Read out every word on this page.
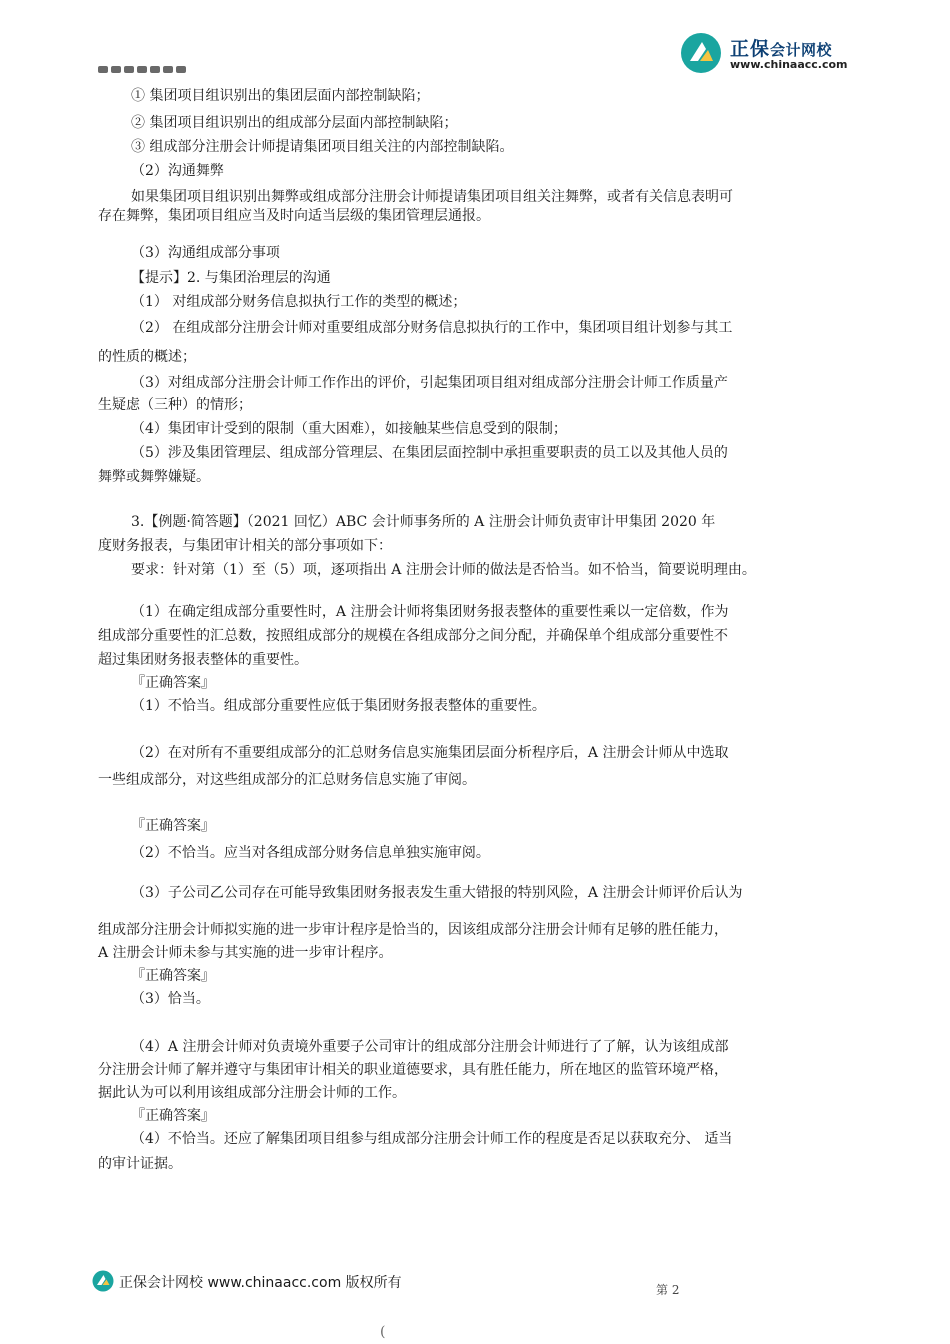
正保会计网校
www.chinaacc.com
① 集团项目组识别出的集团层面内部控制缺陷；
② 集团项目组识别出的组成部分层面内部控制缺陷；
③ 组成部分注册会计师提请集团项目组关注的内部控制缺陷。
（2）沟通舞弊
如果集团项目组识别出舞弊或组成部分注册会计师提请集团项目组关注舞弊，或者有关信息表明可
存在舞弊，集团项目组应当及时向适当层级的集团管理层通报。
（3）沟通组成部分事项
【提示】2. 与集团治理层的沟通
（1） 对组成部分财务信息拟执行工作的类型的概述；
（2） 在组成部分注册会计师对重要组成部分财务信息拟执行的工作中，集团项目组计划参与其工
的性质的概述；
（3）对组成部分注册会计师工作作出的评价，引起集团项目组对组成部分注册会计师工作质量产
生疑虑（三种）的情形；
（4）集团审计受到的限制（重大困难），如接触某些信息受到的限制；
（5）涉及集团管理层、组成部分管理层、在集团层面控制中承担重要职责的员工以及其他人员的
舞弊或舞弊嫌疑。
3.【例题·简答题】（2021 回忆）ABC 会计师事务所的 A 注册会计师负责审计甲集团 2020 年
度财务报表，与集团审计相关的部分事项如下：
要求：针对第（1）至（5）项，逐项指出 A 注册会计师的做法是否恰当。如不恰当，简要说明理由。
（1）在确定组成部分重要性时，A 注册会计师将集团财务报表整体的重要性乘以一定倍数，作为
组成部分重要性的汇总数，按照组成部分的规模在各组成部分之间分配，并确保单个组成部分重要性不
超过集团财务报表整体的重要性。
『正确答案』
（1）不恰当。组成部分重要性应低于集团财务报表整体的重要性。
（2）在对所有不重要组成部分的汇总财务信息实施集团层面分析程序后，A 注册会计师从中选取
一些组成部分，对这些组成部分的汇总财务信息实施了审阅。
『正确答案』
（2）不恰当。应当对各组成部分财务信息单独实施审阅。
（3）子公司乙公司存在可能导致集团财务报表发生重大错报的特别风险，A 注册会计师评价后认为
组成部分注册会计师拟实施的进一步审计程序是恰当的，因该组成部分注册会计师有足够的胜任能力，
A 注册会计师未参与其实施的进一步审计程序。
『正确答案』
（3）恰当。
（4）A 注册会计师对负责境外重要子公司审计的组成部分注册会计师进行了了解，认为该组成部
分注册会计师了解并遵守与集团审计相关的职业道德要求，具有胜任能力，所在地区的监管环境严格，
据此认为可以利用该组成部分注册会计师的工作。
『正确答案』
（4）不恰当。还应了解集团项目组参与组成部分注册会计师工作的程度是否足以获取充分、 适当
的审计证据。
正保会计网校 www.chinaacc.com 版权所有	第 2
(
